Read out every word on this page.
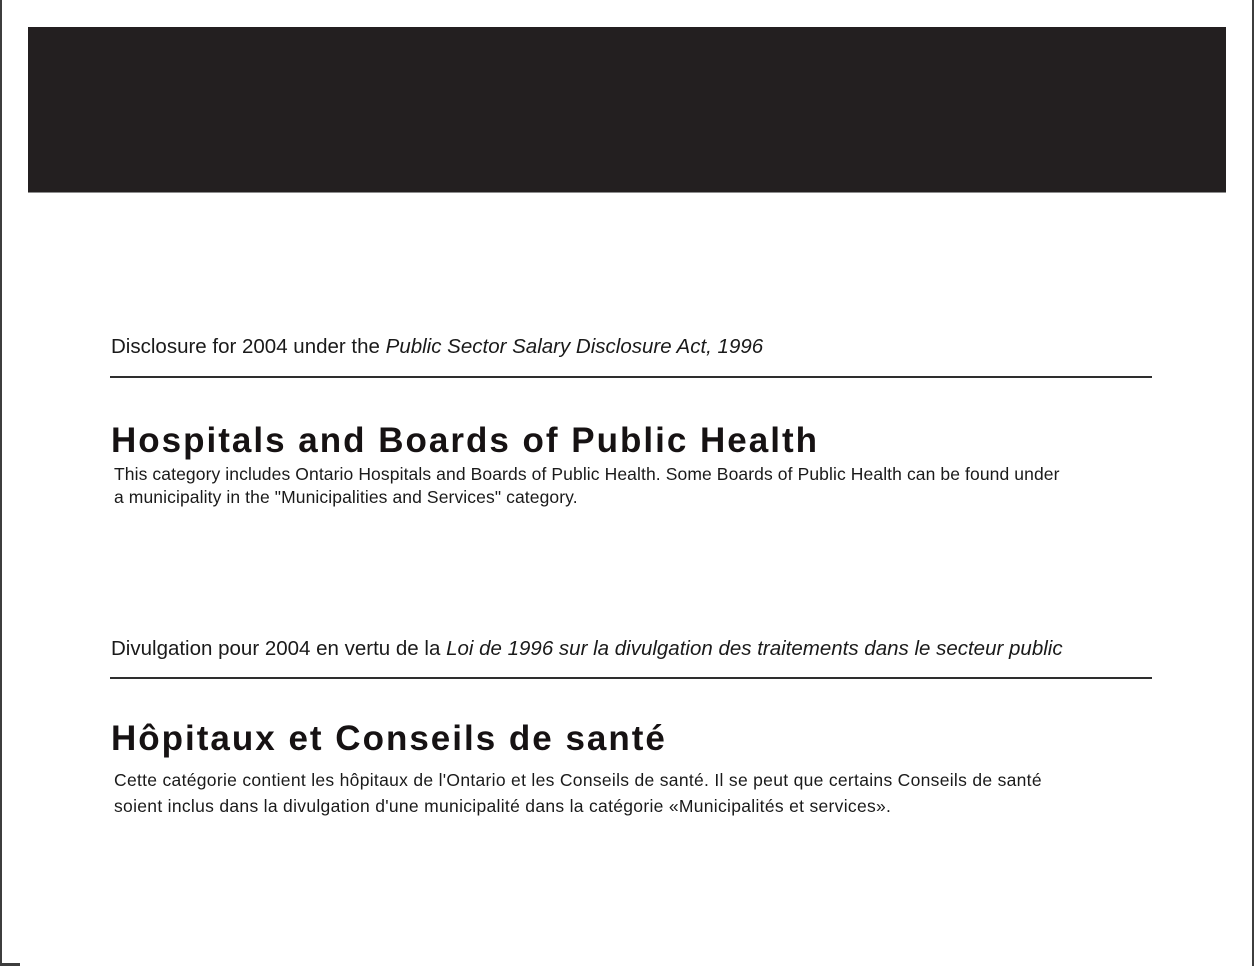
Disclosure for 2004 under the Public Sector Salary Disclosure Act, 1996
Hospitals and Boards of Public Health

This category includes Ontario Hospitals and Boards of Public Health. Some Boards of Public Health can be found under a municipality in the "Municipalities and Services" category.

Divulgation pour 2004 en vertu de la Loi de 1996 sur la divulgation des traitements dans le secteur public
Hôpitaux et Conseils de santé

Cette catégorie contient les hôpitaux de l'Ontario et les Conseils de santé. Il se peut que certains Conseils de santé soient inclus dans la divulgation d'une municipalité dans la catégorie «Municipalités et services».
